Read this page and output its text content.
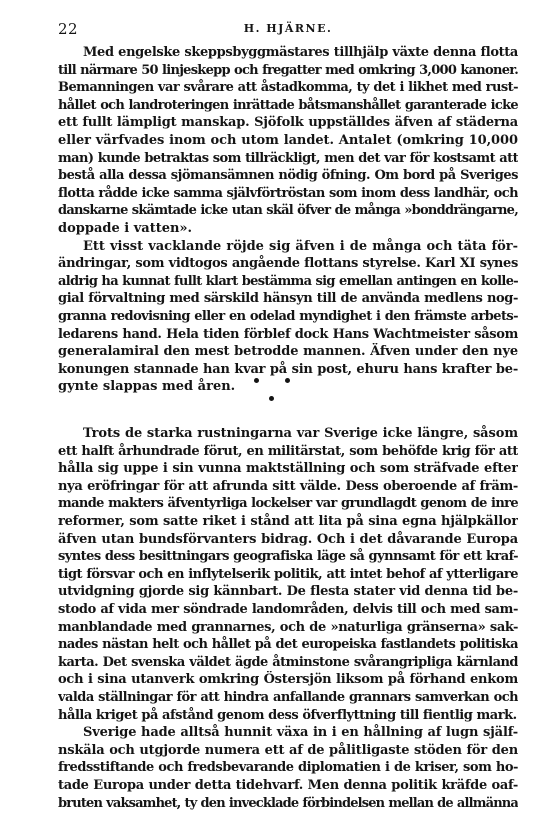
22	H. HJÄRNE.
Med engelske skeppsbyggmästares tillhjälp växte denna flotta
till närmare 50 linjeskepp och fregatter med omkring 3,000 kanoner.
Bemanningen var svårare att åstadkomma, ty det i likhet med rust-
hållet och landroteringen inrättade båtsmanshållet garanterade icke
ett fullt lämpligt manskap. Sjöfolk uppställdes äfven af städerna
eller värfvades inom och utom landet. Antalet (omkring 10,000
man) kunde betraktas som tillräckligt, men det var för kostsamt att
bestå alla dessa sjömansämnen nödig öfning. Om bord på Sveriges
flotta rådde icke samma självförtröstan som inom dess landhär, och
danskarne skämtade icke utan skäl öfver de många »bonddrängarne,
doppade i vatten».
Ett visst vacklande röjde sig äfven i de många och täta för-
ändringar, som vidtogos angående flottans styrelse. Karl XI synes
aldrig ha kunnat fullt klart bestämma sig emellan antingen en kolle-
gial förvaltning med särskild hänsyn till de använda medlens nog-
granna redovisning eller en odelad myndighet i den främste arbets-
ledarens hand. Hela tiden förblef dock Hans Wachtmeister såsom
generalamiral den mest betrodde mannen. Äfven under den nye
konungen stannade han kvar på sin post, ehuru hans krafter be-
gynte slappas med åren.
Trots de starka rustningarna var Sverige icke längre, såsom
ett halft århundrade förut, en militärstat, som behöfde krig för att
hålla sig uppe i sin vunna maktställning och som sträfvade efter
nya eröfringar för att afrunda sitt välde. Dess oberoende af främ-
mande makters äfventyrliga lockelser var grundlagdt genom de inre
reformer, som satte riket i stånd att lita på sina egna hjälpkällor
äfven utan bundsförvanters bidrag. Och i det dåvarande Europa
syntes dess besittningars geografiska läge så gynnsamt för ett kraf-
tigt försvar och en inflytelserik politik, att intet behof af ytterligare
utvidgning gjorde sig kännbart. De flesta stater vid denna tid be-
stodo af vida mer söndrade landområden, delvis till och med sam-
manblandade med grannarnes, och de »naturliga gränserna» sak-
nades nästan helt och hållet på det europeiska fastlandets politiska
karta. Det svenska väldet ägde åtminstone svårangripliga kärnland
och i sina utanverk omkring Östersjön liksom på förhand enkom
valda ställningar för att hindra anfallande grannars samverkan och
hålla kriget på afstånd genom dess öfverflyttning till fientlig mark.
Sverige hade alltså hunnit växa in i en hållning af lugn själf-
nskäla och utgjorde numera ett af de pålitligaste stöden för den
fredsstiftande och fredsbevarande diplomatien i de kriser, som ho-
tade Europa under detta tidehvarf. Men denna politik kräfde oaf-
bruten vaksamhet, ty den invecklade förbindelsen mellan de allmänna
